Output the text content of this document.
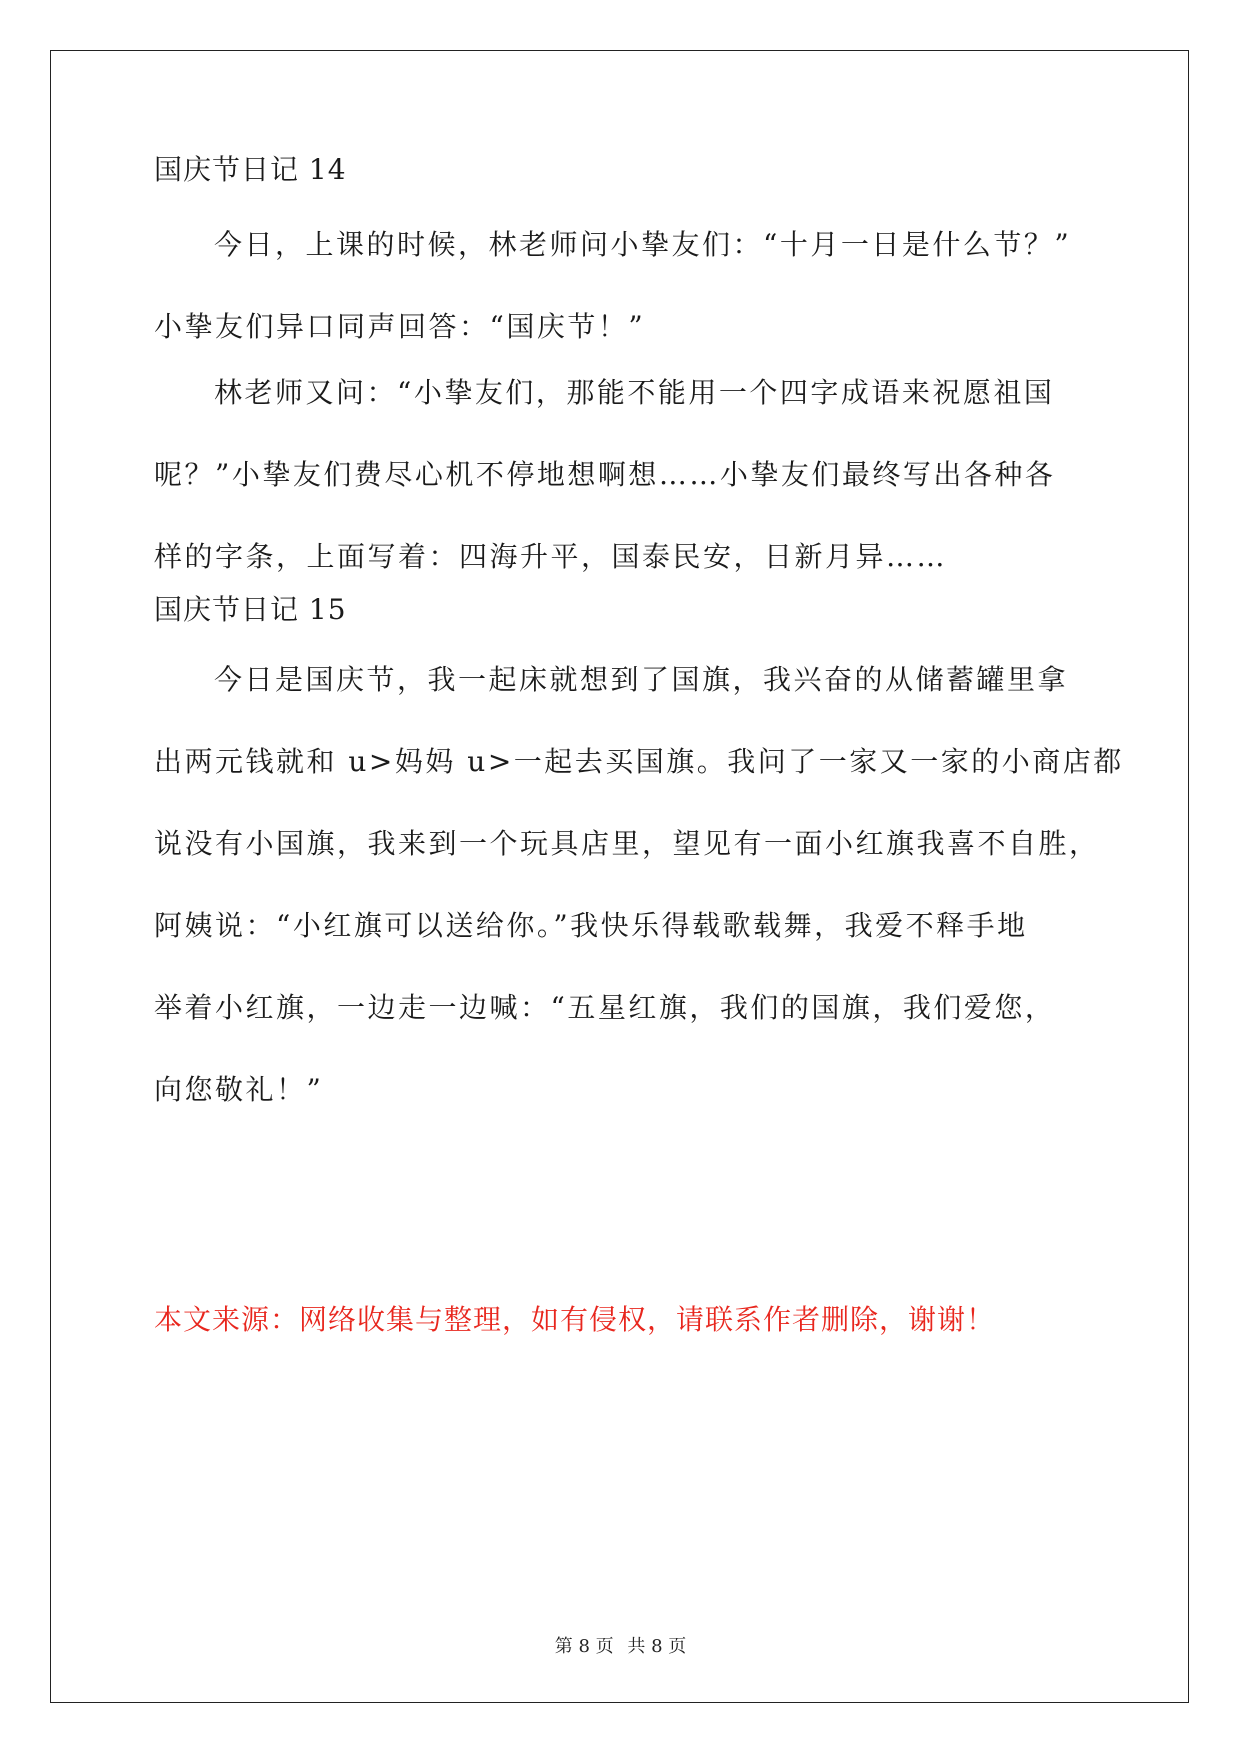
国庆节日记 14
今日，上课的时候，林老师问小挚友们：“十月一日是什么节？”
小挚友们异口同声回答：“国庆节！”
林老师又问：“小挚友们，那能不能用一个四字成语来祝愿祖国
呢？”小挚友们费尽心机不停地想啊想……小挚友们最终写出各种各
样的字条，上面写着：四海升平，国泰民安，日新月异……
国庆节日记 15
今日是国庆节，我一起床就想到了国旗，我兴奋的从储蓄罐里拿
出两元钱就和 u>妈妈 u>一起去买国旗。我问了一家又一家的小商店都
说没有小国旗，我来到一个玩具店里，望见有一面小红旗我喜不自胜，
阿姨说：“小红旗可以送给你。”我快乐得载歌载舞，我爱不释手地
举着小红旗，一边走一边喊：“五星红旗，我们的国旗，我们爱您，
向您敬礼！”
本文来源：网络收集与整理，如有侵权，请联系作者删除，谢谢！
第 8 页 共 8 页
